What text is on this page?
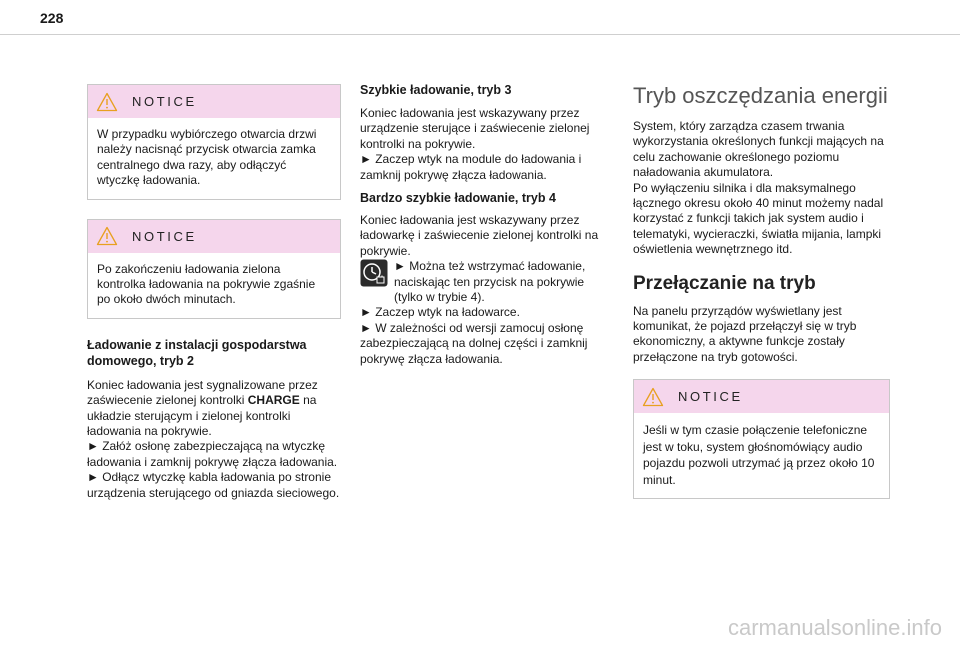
228
NOTICE
W przypadku wybiórczego otwarcia drzwi należy nacisnąć przycisk otwarcia zamka centralnego dwa razy, aby odłączyć wtyczkę ładowania.
NOTICE
Po zakończeniu ładowania zielona kontrolka ładowania na pokrywie zgaśnie po około dwóch minutach.
Ładowanie z instalacji gospodarstwa domowego, tryb 2
Koniec ładowania jest sygnalizowane przez zaświecenie zielonej kontrolki CHARGE na układzie sterującym i zielonej kontrolki ładowania na pokrywie.
► Załóż osłonę zabezpieczającą na wtyczkę ładowania i zamknij pokrywę złącza ładowania.
► Odłącz wtyczkę kabla ładowania po stronie urządzenia sterującego od gniazda sieciowego.
Szybkie ładowanie, tryb 3
Koniec ładowania jest wskazywany przez urządzenie sterujące i zaświecenie zielonej kontrolki na pokrywie.
► Zaczep wtyk na module do ładowania i zamknij pokrywę złącza ładowania.
Bardzo szybkie ładowanie, tryb 4
Koniec ładowania jest wskazywany przez ładowarkę i zaświecenie zielonej kontrolki na pokrywie.
► Można też wstrzymać ładowanie, naciskając ten przycisk na pokrywie (tylko w trybie 4).
► Zaczep wtyk na ładowarce.
► W zależności od wersji zamocuj osłonę zabezpieczającą na dolnej części i zamknij pokrywę złącza ładowania.
Tryb oszczędzania energii
System, który zarządza czasem trwania wykorzystania określonych funkcji mających na celu zachowanie określonego poziomu naładowania akumulatora.
Po wyłączeniu silnika i dla maksymalnego łącznego okresu około 40 minut możemy nadal korzystać z funkcji takich jak system audio i telematyki, wycieraczki, światła mijania, lampki oświetlenia wewnętrznego itd.
Przełączanie na tryb
Na panelu przyrządów wyświetlany jest komunikat, że pojazd przełączył się w tryb ekonomiczny, a aktywne funkcje zostały przełączone na tryb gotowości.
NOTICE
Jeśli w tym czasie połączenie telefoniczne jest w toku, system głośnomówiący audio pojazdu pozwoli utrzymać ją przez około 10 minut.
carmanualsonline.info
